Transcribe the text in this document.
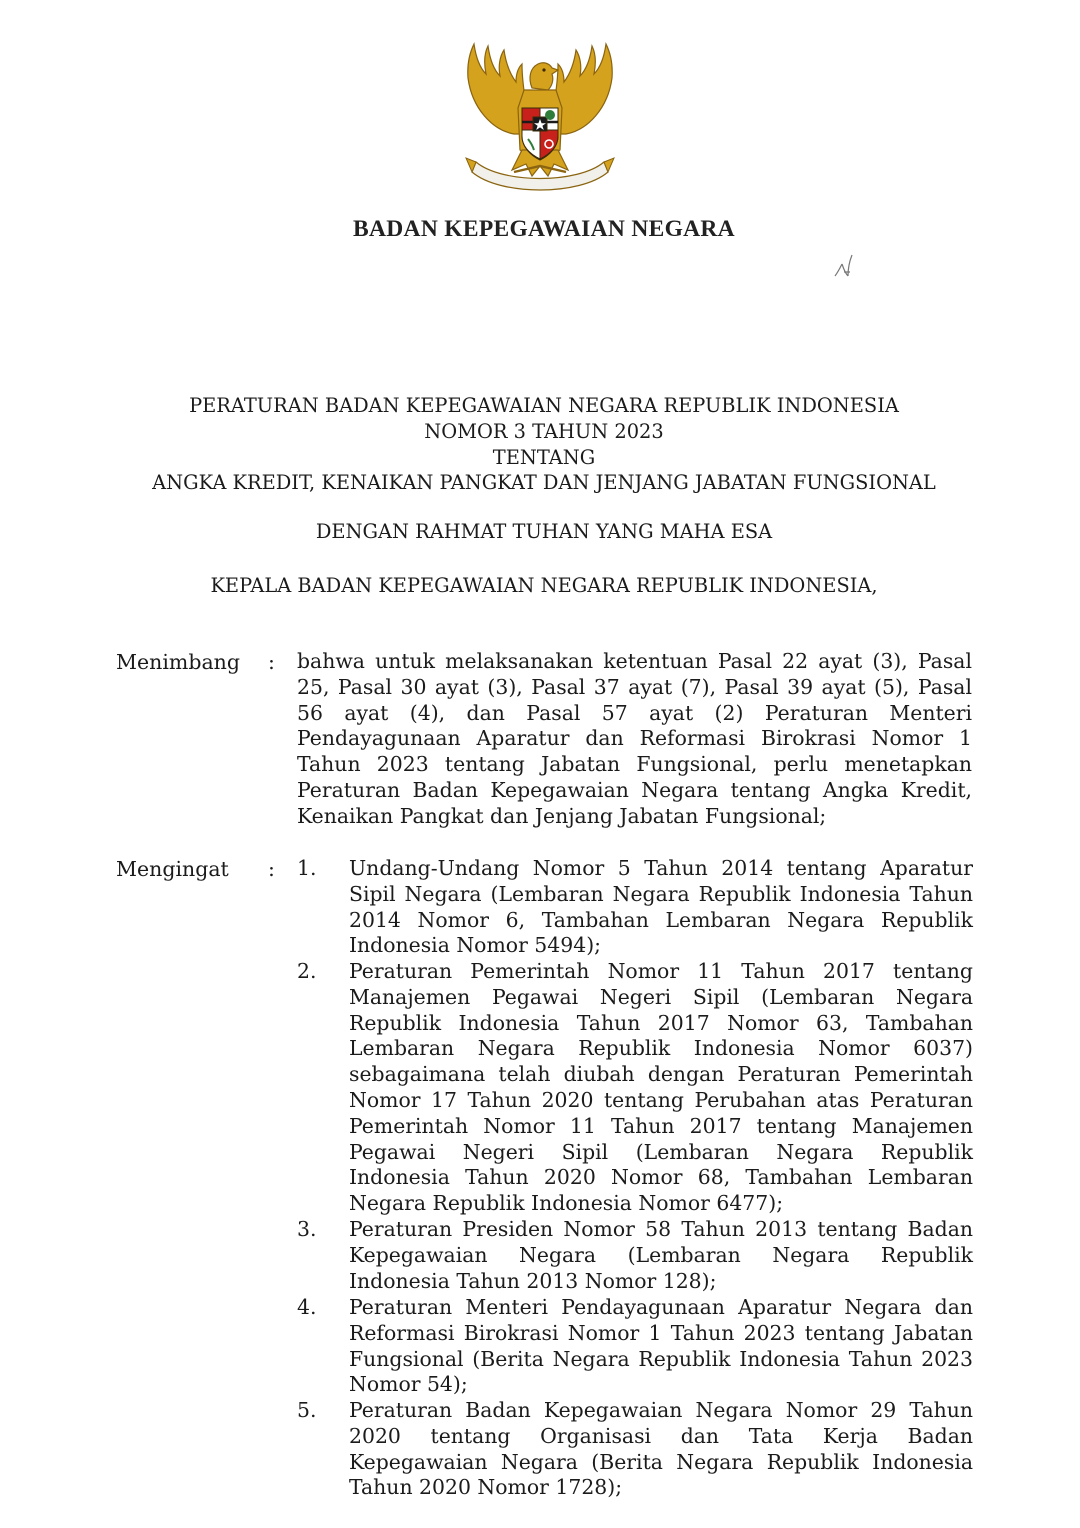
BADAN KEPEGAWAIAN NEGARA
PERATURAN BADAN KEPEGAWAIAN NEGARA REPUBLIK INDONESIA
NOMOR 3 TAHUN 2023
TENTANG
ANGKA KREDIT, KENAIKAN PANGKAT DAN JENJANG JABATAN FUNGSIONAL
DENGAN RAHMAT TUHAN YANG MAHA ESA
KEPALA BADAN KEPEGAWAIAN NEGARA REPUBLIK INDONESIA,
Menimbang : bahwa untuk melaksanakan ketentuan Pasal 22 ayat (3), Pasal 25, Pasal 30 ayat (3), Pasal 37 ayat (7), Pasal 39 ayat (5), Pasal 56 ayat (4), dan Pasal 57 ayat (2) Peraturan Menteri Pendayagunaan Aparatur dan Reformasi Birokrasi Nomor 1 Tahun 2023 tentang Jabatan Fungsional, perlu menetapkan Peraturan Badan Kepegawaian Negara tentang Angka Kredit, Kenaikan Pangkat dan Jenjang Jabatan Fungsional;
Mengingat : 1. Undang-Undang Nomor 5 Tahun 2014 tentang Aparatur Sipil Negara (Lembaran Negara Republik Indonesia Tahun 2014 Nomor 6, Tambahan Lembaran Negara Republik Indonesia Nomor 5494);
2. Peraturan Pemerintah Nomor 11 Tahun 2017 tentang Manajemen Pegawai Negeri Sipil (Lembaran Negara Republik Indonesia Tahun 2017 Nomor 63, Tambahan Lembaran Negara Republik Indonesia Nomor 6037) sebagaimana telah diubah dengan Peraturan Pemerintah Nomor 17 Tahun 2020 tentang Perubahan atas Peraturan Pemerintah Nomor 11 Tahun 2017 tentang Manajemen Pegawai Negeri Sipil (Lembaran Negara Republik Indonesia Tahun 2020 Nomor 68, Tambahan Lembaran Negara Republik Indonesia Nomor 6477);
3. Peraturan Presiden Nomor 58 Tahun 2013 tentang Badan Kepegawaian Negara (Lembaran Negara Republik Indonesia Tahun 2013 Nomor 128);
4. Peraturan Menteri Pendayagunaan Aparatur Negara dan Reformasi Birokrasi Nomor 1 Tahun 2023 tentang Jabatan Fungsional (Berita Negara Republik Indonesia Tahun 2023 Nomor 54);
5. Peraturan Badan Kepegawaian Negara Nomor 29 Tahun 2020 tentang Organisasi dan Tata Kerja Badan Kepegawaian Negara (Berita Negara Republik Indonesia Tahun 2020 Nomor 1728);
